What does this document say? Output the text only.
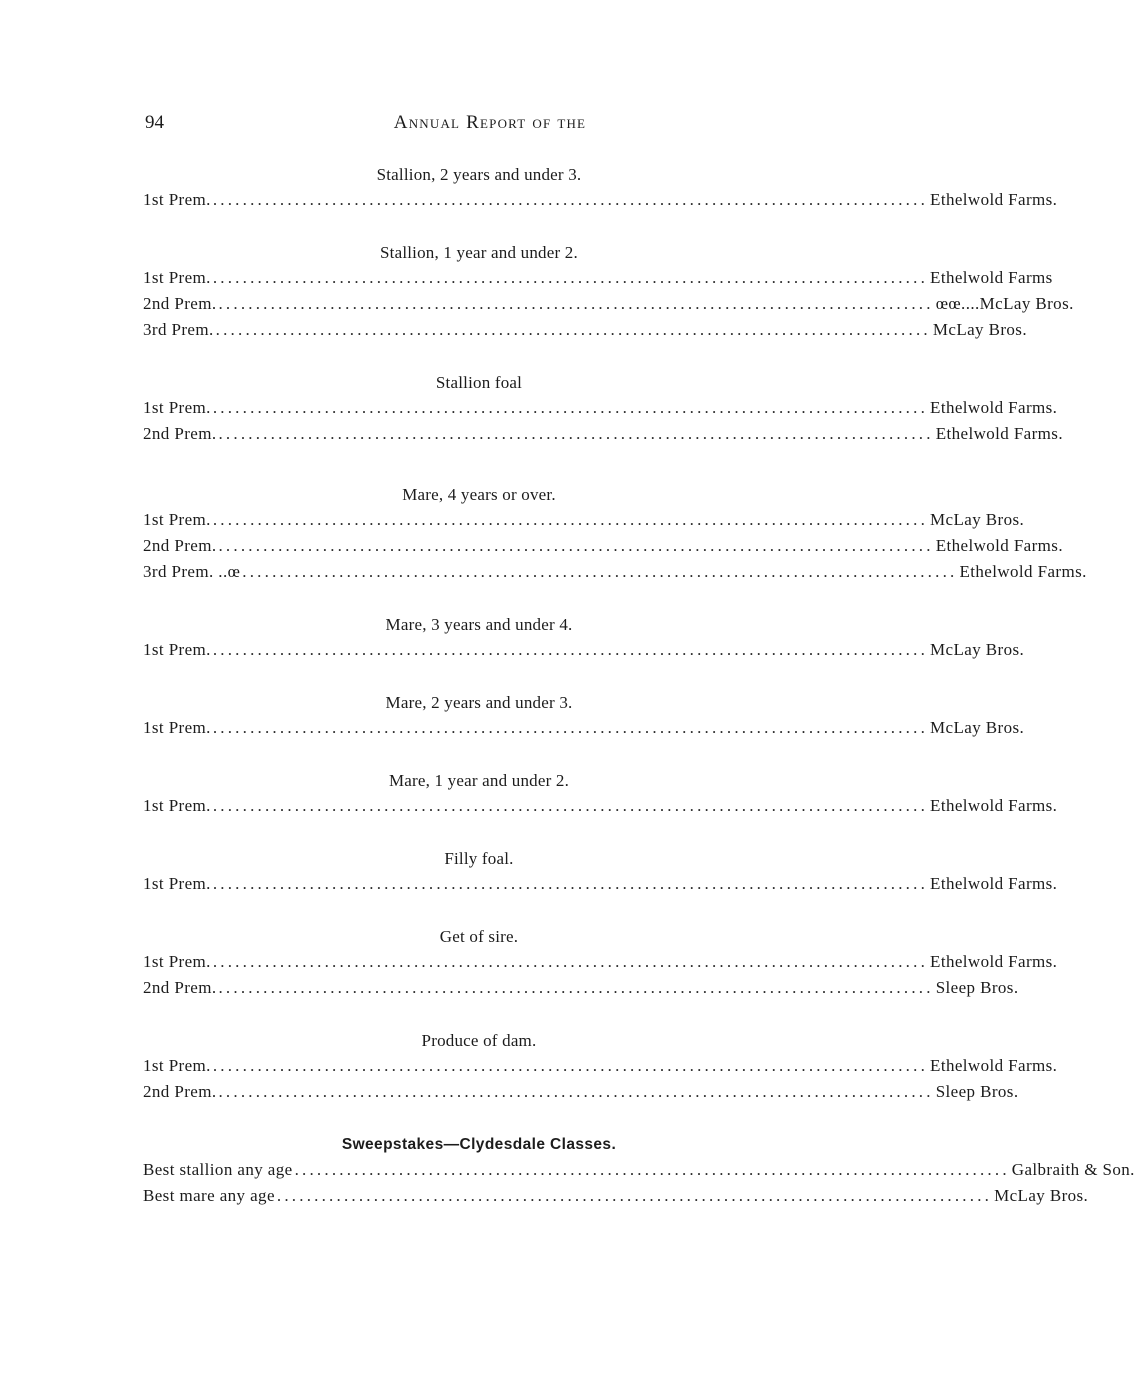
94	Annual Report of the
Stallion, 2 years and under 3.
1st Prem. ................................................................................................ Ethelwold Farms.
Stallion, 1 year and under 2.
1st Prem. ................................................................................................ Ethelwold Farms
2nd Prem. ................................................................................................ œœ....McLay Bros.
3rd Prem. ................................................................................................ McLay Bros.
Stallion foal
1st Prem. ................................................................................................ Ethelwold Farms.
2nd Prem. ................................................................................................ Ethelwold Farms.
Mare, 4 years or over.
1st Prem. ................................................................................................ McLay Bros.
2nd Prem. ................................................................................................ Ethelwold Farms.
3rd Prem. ..œ ................................................................................................ Ethelwold Farms.
Mare, 3 years and under 4.
1st Prem. ................................................................................................ McLay Bros.
Mare, 2 years and under 3.
1st Prem. ................................................................................................ McLay Bros.
Mare, 1 year and under 2.
1st Prem. ................................................................................................ Ethelwold Farms.
Filly foal.
1st Prem. ................................................................................................ Ethelwold Farms.
Get of sire.
1st Prem. ................................................................................................ Ethelwold Farms.
2nd Prem. ................................................................................................ Sleep Bros.
Produce of dam.
1st Prem. ................................................................................................ Ethelwold Farms.
2nd Prem. ................................................................................................ Sleep Bros.
Sweepstakes—Clydesdale Classes.
Best stallion any age ................................................................................................ Galbraith & Son.
Best mare any age ................................................................................................ McLay Bros.
